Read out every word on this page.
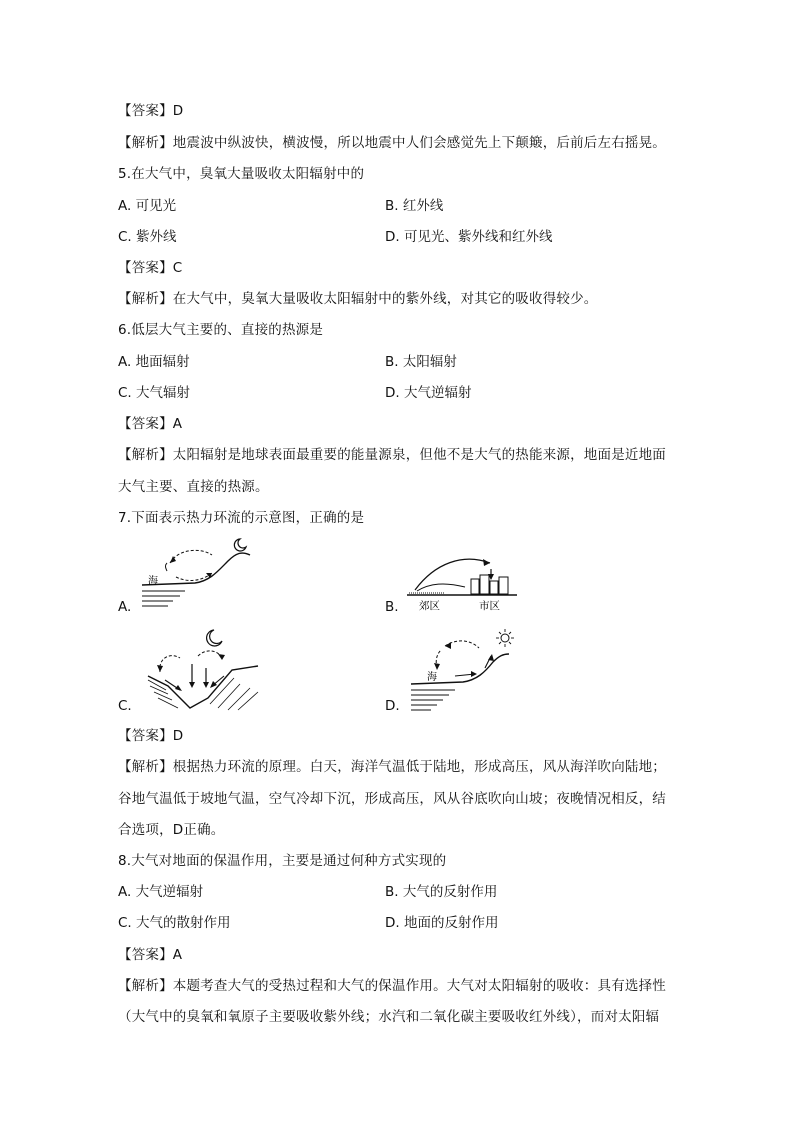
【答案】D
【解析】地震波中纵波快，横波慢，所以地震中人们会感觉先上下颠簸，后前后左右摇晃。
5.在大气中，臭氧大量吸收太阳辐射中的
A. 可见光	B. 红外线
C. 紫外线	D. 可见光、紫外线和红外线
【答案】C
【解析】在大气中，臭氧大量吸收太阳辐射中的紫外线，对其它的吸收得较少。
6.低层大气主要的、直接的热源是
A. 地面辐射	B. 太阳辐射
C. 大气辐射	D. 大气逆辐射
【答案】A
【解析】太阳辐射是地球表面最重要的能量源泉，但他不是大气的热能来源，地面是近地面
大气主要、直接的热源。
7.下面表示热力环流的示意图，正确的是
A.
海
B. 郊区	市区
C.	D.
海
【答案】D
【解析】根据热力环流的原理。白天，海洋气温低于陆地，形成高压，风从海洋吹向陆地；
谷地气温低于坡地气温，空气冷却下沉，形成高压，风从谷底吹向山坡；夜晚情况相反，结
合选项，D正确。
8.大气对地面的保温作用，主要是通过何种方式实现的
A. 大气逆辐射	B. 大气的反射作用
C. 大气的散射作用	D. 地面的反射作用
【答案】A
【解析】本题考查大气的受热过程和大气的保温作用。大气对太阳辐射的吸收：具有选择性
（大气中的臭氧和氧原子主要吸收紫外线；水汽和二氧化碳主要吸收红外线），而对太阳辐
